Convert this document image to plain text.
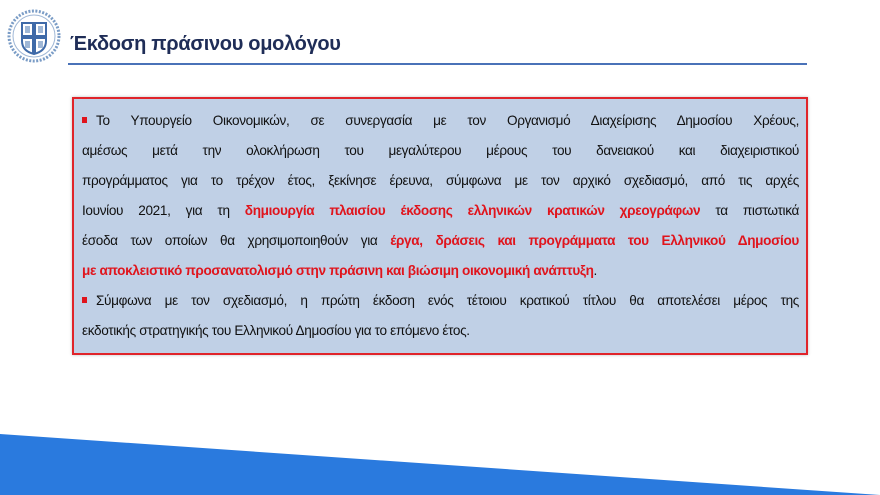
Έκδοση πράσινου ομολόγου
Το Υπουργείο Οικονομικών, σε συνεργασία με τον Οργανισμό Διαχείρισης Δημοσίου Χρέους,
αμέσως μετά την ολοκλήρωση του μεγαλύτερου μέρους του δανειακού και διαχειριστικού
προγράμματος για το τρέχον έτος, ξεκίνησε έρευνα, σύμφωνα με τον αρχικό σχεδιασμό, από τις αρχές
Ιουνίου 2021, για τη δημιουργία πλαισίου έκδοσης ελληνικών κρατικών χρεογράφων τα πιστωτικά
έσοδα των οποίων θα χρησιμοποιηθούν για έργα, δράσεις και προγράμματα του Ελληνικού Δημοσίου
με αποκλειστικό προσανατολισμό στην πράσινη και βιώσιμη οικονομική ανάπτυξη.
Σύμφωνα με τον σχεδιασμό, η πρώτη έκδοση ενός τέτοιου κρατικού τίτλου θα αποτελέσει μέρος της
εκδοτικής στρατηγικής του Ελληνικού Δημοσίου για το επόμενο έτος.
